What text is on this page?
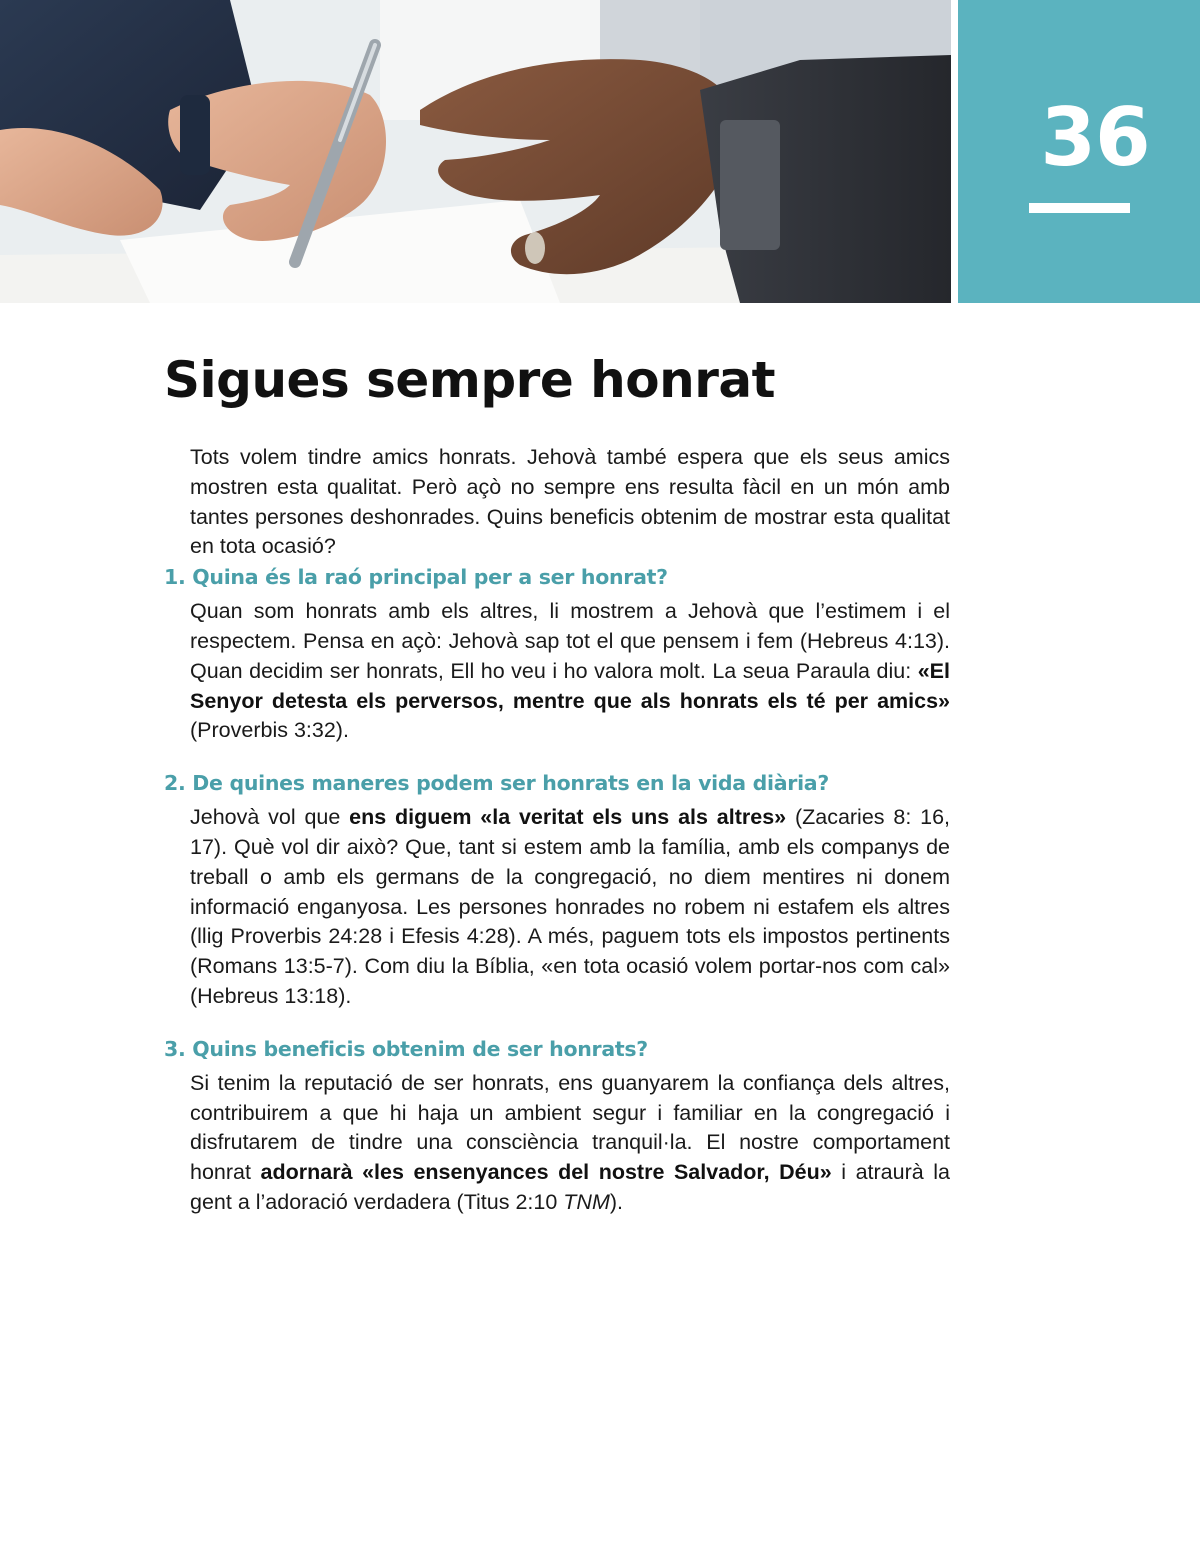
36
Sigues sempre honrat

Tots volem tindre amics honrats. Jehovà també espera que els seus amics mostren esta qualitat. Però açò no sempre ens resulta fàcil en un món amb tantes persones deshonrades. Quins beneficis obtenim de mostrar esta qualitat en tota ocasió?

1. Quina és la raó principal per a ser honrat?

Quan som honrats amb els altres, li mostrem a Jehovà que l’estimem i el respectem. Pensa en açò: Jehovà sap tot el que pensem i fem (Hebreus 4:13). Quan decidim ser honrats, Ell ho veu i ho valora molt. La seua Paraula diu: «El Senyor detesta els perversos, mentre que als honrats els té per amics» (Proverbis 3:32).

2. De quines maneres podem ser honrats en la vida diària?

Jehovà vol que ens diguem «la veritat els uns als altres» (Zacaries 8: 16, 17). Què vol dir això? Que, tant si estem amb la família, amb els companys de treball o amb els germans de la congregació, no diem mentires ni donem informació enganyosa. Les persones honrades no robem ni estafem els altres (llig Proverbis 24:28 i Efesis 4:28). A més, paguem tots els impostos pertinents (Romans 13:5-7). Com diu la Bíblia, «en tota ocasió volem portar-nos com cal» (Hebreus 13:18).

3. Quins beneficis obtenim de ser honrats?

Si tenim la reputació de ser honrats, ens guanyarem la confiança dels altres, contribuirem a que hi haja un ambient segur i familiar en la congregació i disfrutarem de tindre una consciència tranquil·la. El nostre comportament honrat adornarà «les ensenyances del nostre Salvador, Déu» i atraurà la gent a l’adoració verdadera (Titus 2:10 TNM).
